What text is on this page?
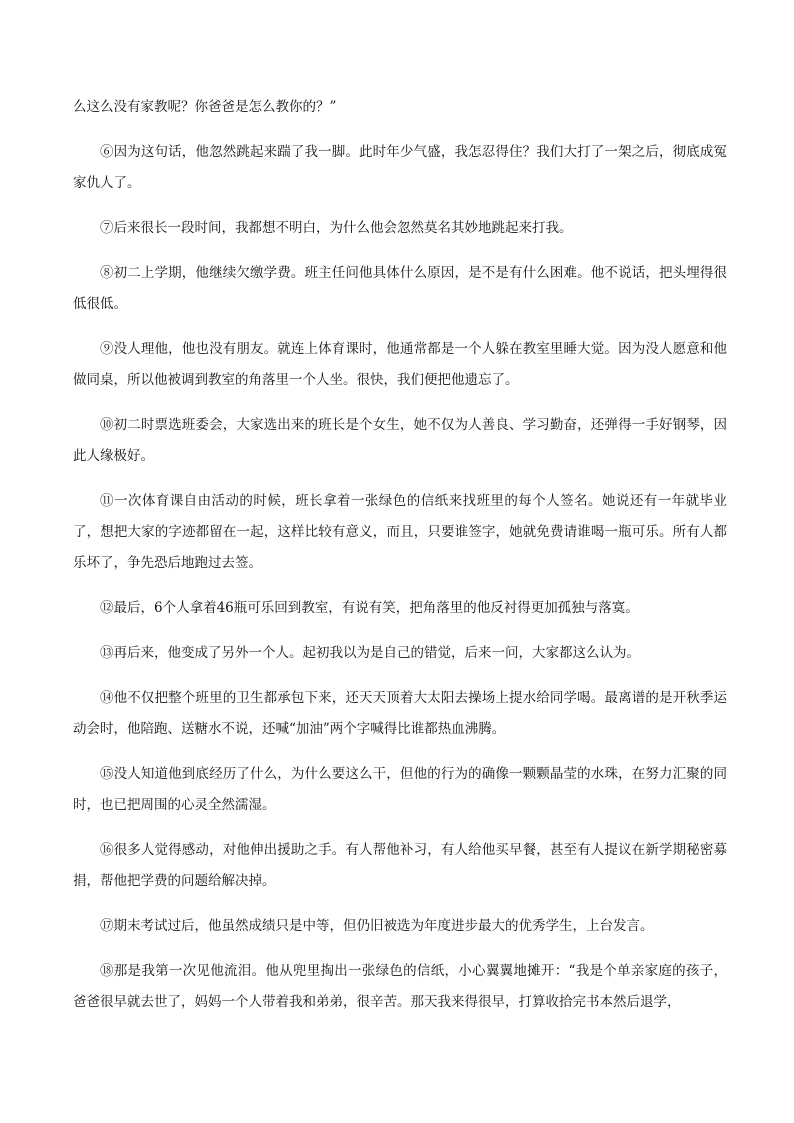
么这么没有家教呢？你爸爸是怎么教你的？”

⑥因为这句话，他忽然跳起来踹了我一脚。此时年少气盛，我怎忍得住？我们大打了一架之后，彻底成冤家仇人了。

⑦后来很长一段时间，我都想不明白，为什么他会忽然莫名其妙地跳起来打我。

⑧初二上学期，他继续欠缴学费。班主任问他具体什么原因，是不是有什么困难。他不说话，把头埋得很低很低。

⑨没人理他，他也没有朋友。就连上体育课时，他通常都是一个人躲在教室里睡大觉。因为没人愿意和他做同桌，所以他被调到教室的角落里一个人坐。很快，我们便把他遗忘了。

⑩初二时票选班委会，大家选出来的班长是个女生，她不仅为人善良、学习勤奋，还弹得一手好钢琴，因此人缘极好。

⑪一次体育课自由活动的时候，班长拿着一张绿色的信纸来找班里的每个人签名。她说还有一年就毕业了，想把大家的字迹都留在一起，这样比较有意义，而且，只要谁签字，她就免费请谁喝一瓶可乐。所有人都乐坏了，争先恐后地跑过去签。

⑫最后，6个人拿着46瓶可乐回到教室，有说有笑，把角落里的他反衬得更加孤独与落寞。

⑬再后来，他变成了另外一个人。起初我以为是自己的错觉，后来一问，大家都这么认为。

⑭他不仅把整个班里的卫生都承包下来，还天天顶着大太阳去操场上提水给同学喝。最离谱的是开秋季运动会时，他陪跑、送糖水不说，还喊“加油”两个字喊得比谁都热血沸腾。

⑮没人知道他到底经历了什么，为什么要这么干，但他的行为的确像一颗颗晶莹的水珠，在努力汇聚的同时，也已把周围的心灵全然濡湿。

⑯很多人觉得感动，对他伸出援助之手。有人帮他补习，有人给他买早餐，甚至有人提议在新学期秘密募捐，帮他把学费的问题给解决掉。

⑰期末考试过后，他虽然成绩只是中等，但仍旧被选为年度进步最大的优秀学生，上台发言。

⑱那是我第一次见他流泪。他从兜里掏出一张绿色的信纸，小心翼翼地摊开：“我是个单亲家庭的孩子，爸爸很早就去世了，妈妈一个人带着我和弟弟，很辛苦。那天我来得很早，打算收拾完书本然后退学，
